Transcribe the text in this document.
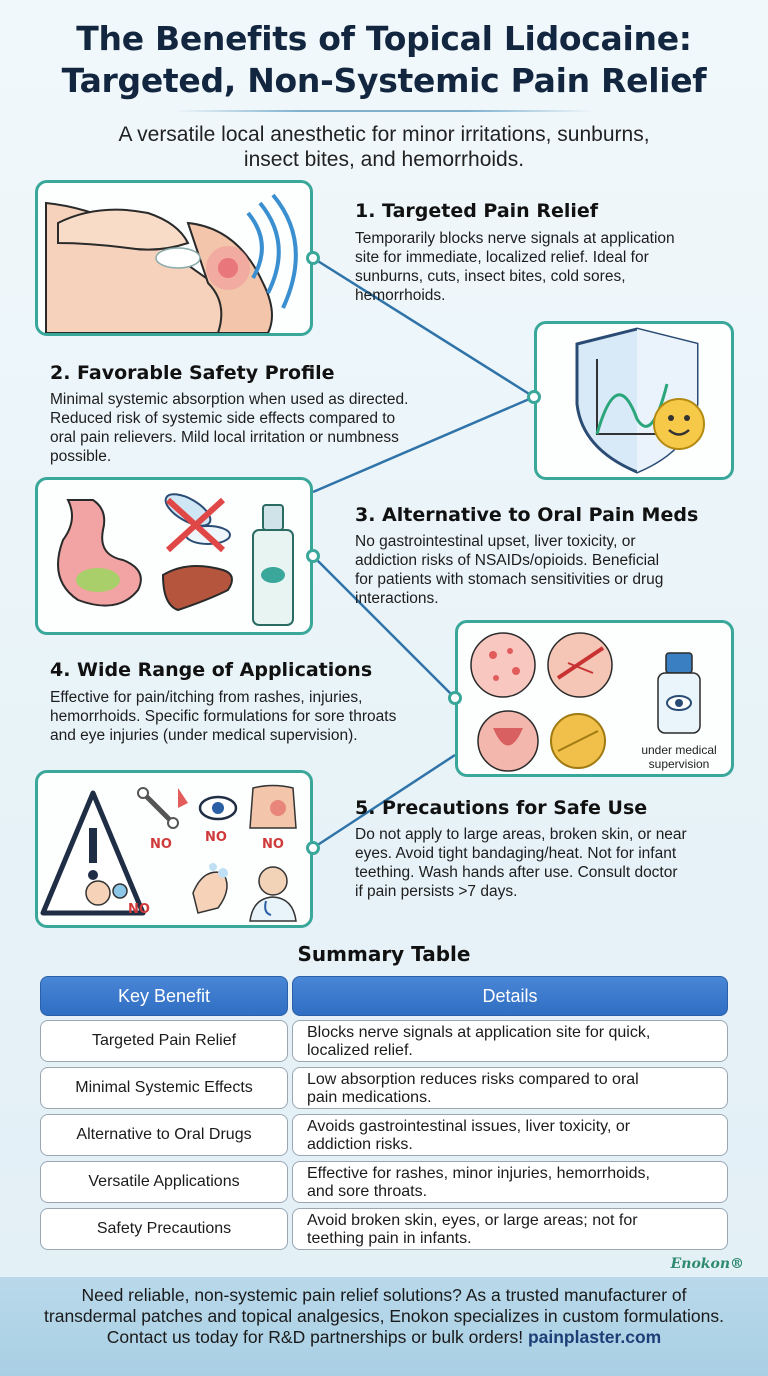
The Benefits of Topical Lidocaine:
Targeted, Non-Systemic Pain Relief
A versatile local anesthetic for minor irritations, sunburns,
insect bites, and hemorrhoids.
1. Targeted Pain Relief
Temporarily blocks nerve signals at application
site for immediate, localized relief. Ideal for
sunburns, cuts, insect bites, cold sores,
hemorrhoids.
2. Favorable Safety Profile
Minimal systemic absorption when used as directed.
Reduced risk of systemic side effects compared to
oral pain relievers. Mild local irritation or numbness
possible.
3. Alternative to Oral Pain Meds
No gastrointestinal upset, liver toxicity, or
addiction risks of NSAIDs/opioids. Beneficial
for patients with stomach sensitivities or drug
interactions.
4. Wide Range of Applications
Effective for pain/itching from rashes, injuries,
hemorrhoids. Specific formulations for sore throats
and eye injuries (under medical supervision).
under medical
supervision
NO
NO	NO	NO
5. Precautions for Safe Use
Do not apply to large areas, broken skin, or near
eyes. Avoid tight bandaging/heat. Not for infant
teething. Wash hands after use. Consult doctor
if pain persists >7 days.
Summary Table
Key Benefit	Details
Targeted Pain Relief	Blocks nerve signals at application site for quick,
localized relief.
Minimal Systemic Effects	Low absorption reduces risks compared to oral
pain medications.
Alternative to Oral Drugs	Avoids gastrointestinal issues, liver toxicity, or
addiction risks.
Versatile Applications	Effective for rashes, minor injuries, hemorrhoids,
and sore throats.
Safety Precautions	Avoid broken skin, eyes, or large areas; not for
teething pain in infants.
Enokon®
Need reliable, non-systemic pain relief solutions? As a trusted manufacturer of
transdermal patches and topical analgesics, Enokon specializes in custom formulations.
Contact us today for R&D partnerships or bulk orders! painplaster.com
